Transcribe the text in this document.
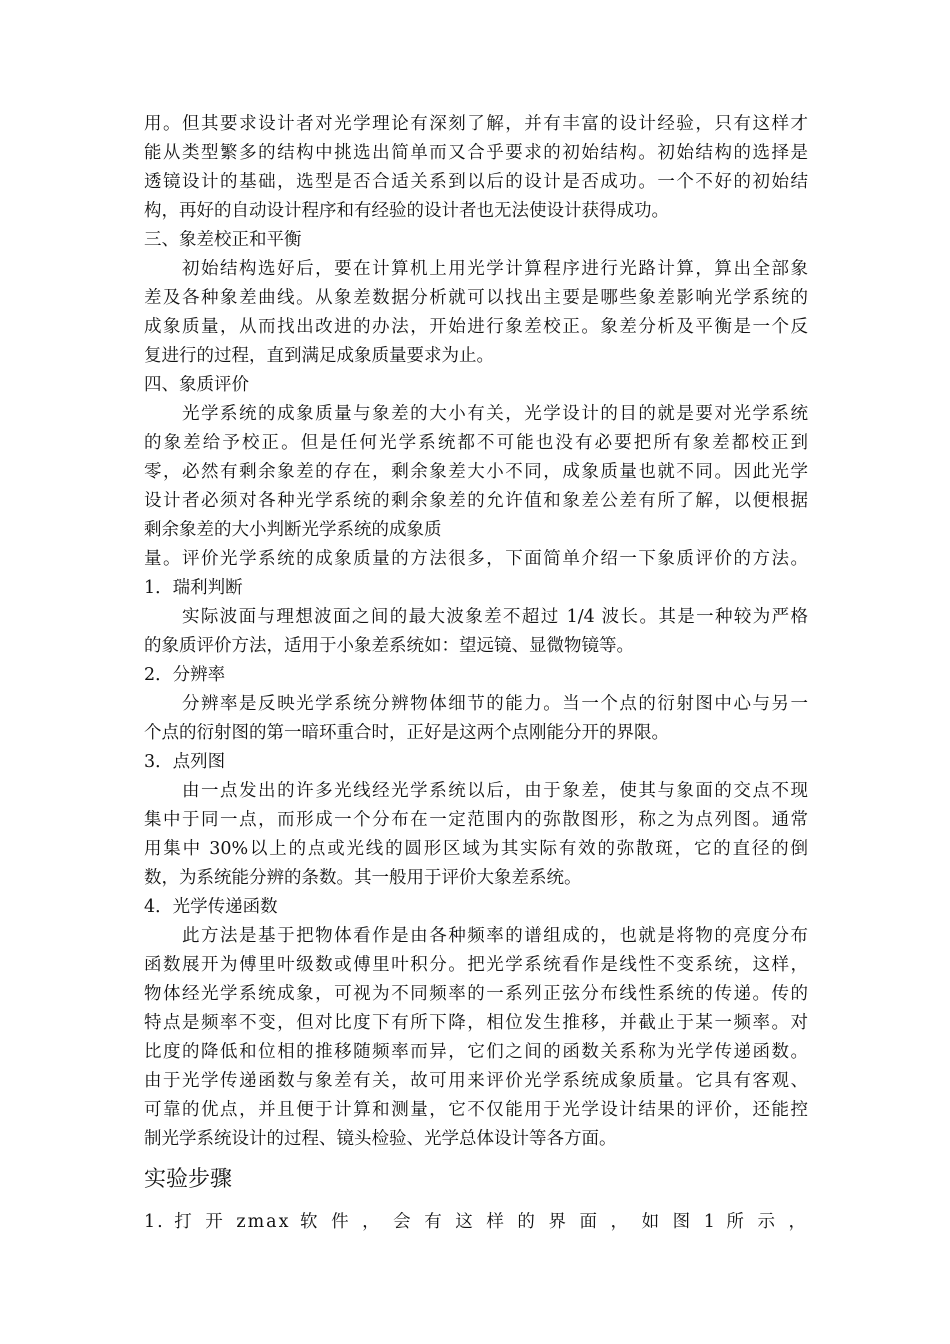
用。但其要求设计者对光学理论有深刻了解，并有丰富的设计经验，只有这样才
能从类型繁多的结构中挑选出简单而又合乎要求的初始结构。初始结构的选择是
透镜设计的基础，选型是否合适关系到以后的设计是否成功。一个不好的初始结
构，再好的自动设计程序和有经验的设计者也无法使设计获得成功。
三、象差校正和平衡
初始结构选好后，要在计算机上用光学计算程序进行光路计算，算出全部象
差及各种象差曲线。从象差数据分析就可以找出主要是哪些象差影响光学系统的
成象质量，从而找出改进的办法，开始进行象差校正。象差分析及平衡是一个反
复进行的过程，直到满足成象质量要求为止。
四、象质评价
光学系统的成象质量与象差的大小有关，光学设计的目的就是要对光学系统
的象差给予校正。但是任何光学系统都不可能也没有必要把所有象差都校正到
零，必然有剩余象差的存在，剩余象差大小不同，成象质量也就不同。因此光学
设计者必须对各种光学系统的剩余象差的允许值和象差公差有所了解，以便根据
剩余象差的大小判断光学系统的成象质
量。评价光学系统的成象质量的方法很多，下面简单介绍一下象质评价的方法。
1．瑞利判断
实际波面与理想波面之间的最大波象差不超过 1/4 波长。其是一种较为严格
的象质评价方法，适用于小象差系统如：望远镜、显微物镜等。
2．分辨率
分辨率是反映光学系统分辨物体细节的能力。当一个点的衍射图中心与另一
个点的衍射图的第一暗环重合时，正好是这两个点刚能分开的界限。
3．点列图
由一点发出的许多光线经光学系统以后，由于象差，使其与象面的交点不现
集中于同一点，而形成一个分布在一定范围内的弥散图形，称之为点列图。通常
用集中 30%以上的点或光线的圆形区域为其实际有效的弥散斑，它的直径的倒
数，为系统能分辨的条数。其一般用于评价大象差系统。
4．光学传递函数
此方法是基于把物体看作是由各种频率的谱组成的，也就是将物的亮度分布
函数展开为傅里叶级数或傅里叶积分。把光学系统看作是线性不变系统，这样，
物体经光学系统成象，可视为不同频率的一系列正弦分布线性系统的传递。传的
特点是频率不变，但对比度下有所下降，相位发生推移，并截止于某一频率。对
比度的降低和位相的推移随频率而异，它们之间的函数关系称为光学传递函数。
由于光学传递函数与象差有关，故可用来评价光学系统成象质量。它具有客观、
可靠的优点，并且便于计算和测量，它不仅能用于光学设计结果的评价，还能控
制光学系统设计的过程、镜头检验、光学总体设计等各方面。
实验步骤
1. 打 开 zmax 软 件 ， 会 有 这 样 的 界 面 ， 如 图 1 所 示 ，
